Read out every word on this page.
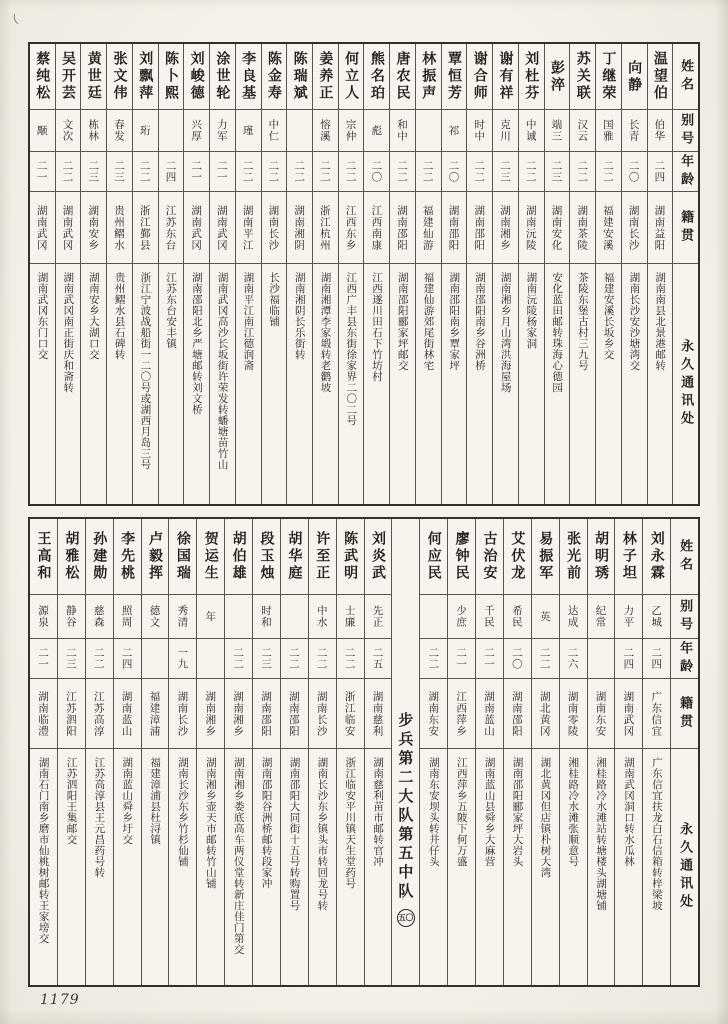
(
姓名
别号
年龄
籍贯
永久通讯处
温望伯
伯华
二四
湖南益阳
湖南南县北景港邮转
向静
长青
二〇
湖南长沙
湖南长沙安沙塘湾交
丁继荣
国雅
二二
福建安溪
福建安溪长坂乡交
苏关联
汉云
二二
湖南茶陵
茶陵东堡古村三九号
彭淬
端三
二三
湖南安化
安化蓝田邮转珠海心德园
刘杜芬
中诚
二二
湖南沅陵
湖南沅陵杨家洞
谢有祥
克川
二三
湖南湘乡
湖南湘乡月山湾洪海屋场
谢合师
时中
二二
湖南邵阳
湖南邵阳南乡谷洲桥
覃恒芳
祁
二〇
湖南邵阳
湖南邵阳南乡覃家坪
林振声
二二
福建仙游
福建仙游郊尾街林宅
唐农民
和中
二二
湖南邵阳
湖南邵阳郦家坪邮交
熊名珀
彪
二〇
江西南康
江西遂川田石下竹坊村
何立人
宗仲
二二
江西东乡
江西广丰县东街徐家界二〇二号
姜养正
愹溪
二二
浙江杭州
湖南湘潭李家塅转老鹳坡
陈瑞斌
二二
湖南湘阴
湖南湘阴长乐街转
陈金寿
中仁
二二
湖南长沙
长沙福临铺
李良基
瑾
二二
湖南平江
湖南平江南江德润斋
涂世轮
力军
二一
湖南武冈
湖南武冈高沙长坂街许荣发转蟠塘苗竹山
刘峻德
兴厚
二一
湖南武冈
湖南邵阳北乡严塘邮转刘文桥
陈卜熙
二四
江苏东台
江苏东台安丰镇
刘飘萍
珩
二二
浙江鄞县
浙江宁波战船街一二〇号或湖西月岛三号
张文伟
春发
二三
贵州鳛水
贵州鳛水县石碑转
黄世廷
栋林
二三
湖南安乡
湖南安乡大湖口交
吴开芸
文次
二二
湖南武冈
湖南武冈南正街庆和斋转
蔡纯松
颙
二一
湖南武冈
湖南武冈东门口交
姓名
别号
年龄
籍贯
永久通讯处
刘永霖
乙城
二四
广东信宜
广东信宜扶龙白石信箱转梓梁坡
林子坦
力平
二四
湖南武冈
湖南武冈洞口转水瓜林
胡明琇
纪常
湖南东安
湘桂路冷水滩站转塘楼头湖塘铺
张光前
达成
二六
湖南零陵
湘桂路冷水滩张顺意号
易振军
英
二二
湖北黄冈
湖北黄冈但店镇朴树大湾
艾伏龙
希民
二〇
湖南邵阳
湖南邵阳郦家坪大岩头
古治安
千民
二一
湖南蓝山
湖南蓝山县舜乡大麻营
廖钟民
少庶
二一
江西萍乡
江西萍乡五陂下何万盛
何应民
二二
湖南东安
湖南东安坝头转井仔头
步兵第二大队第五中队
五〇
刘炎武
先正
二五
湖南慈利
湖南慈利苗市邮转官冲
陈武明
士廉
二二
浙江临安
浙江临安平川镇天生堂药号
许至正
中水
二二
湖南长沙
湖南长沙东乡镇头市转回龙号转
胡华庭
二二
湖南邵阳
湖南邵阳大同街十五号转购置号
段玉烛
时和
二三
湖南邵阳
湖南邵阳谷洲桥邮转段家冲
胡伯雄
二二
湖南湘乡
湖南湘乡娄底高车两仪堂转新庄佳门第交
贺运生
年
湖南湘乡
湖南湘乡壶天市邮转竹山铺
徐国瑞
秀清
一九
湖南长沙
湖南长沙东乡竹杉仙铺
卢毅挥
德文
福建漳浦
福建漳浦县杜浔镇
李先桃
照周
二四
湖南蓝山
湖南蓝山舜乡圩交
孙建勋
慈森
二二
江苏高淳
江苏高淳县王元昌药号转
胡雅松
静谷
二三
江苏泗阳
江苏泗阳王集邮交
王高和
源泉
二一
湖南临澧
湖南石门南乡磨市仙桃树邮转王家塝交
1179
